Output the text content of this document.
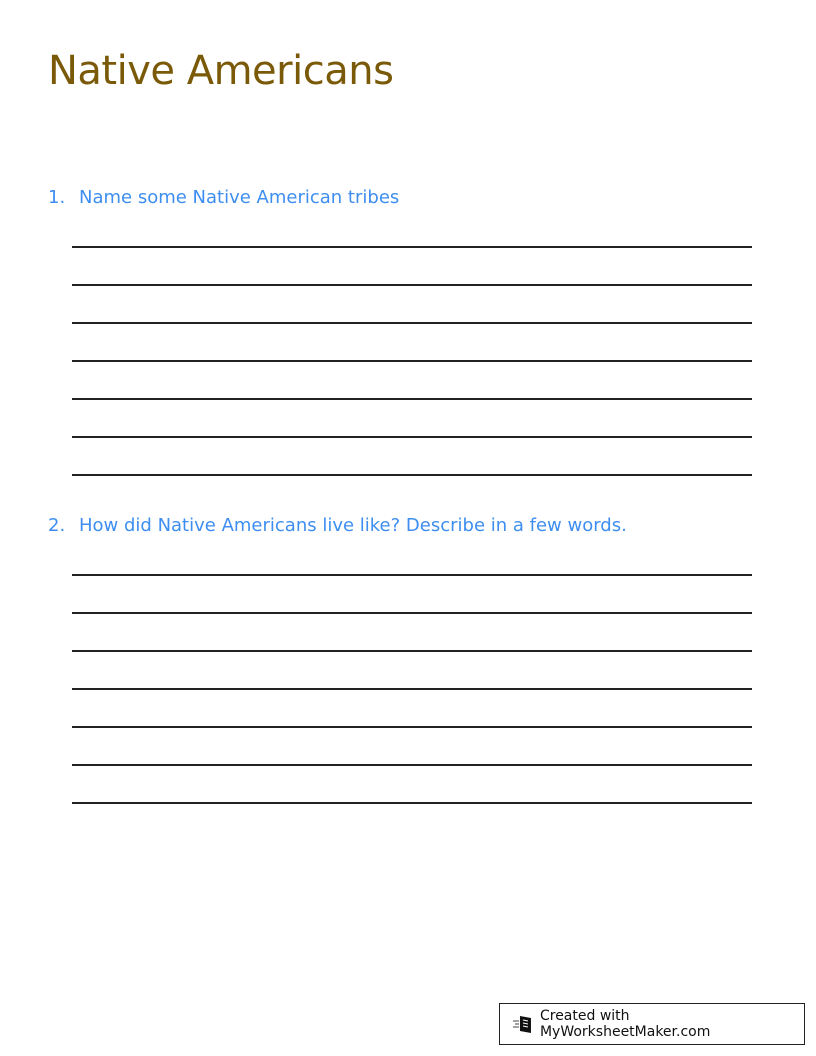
Native Americans
1. Name some Native American tribes
2. How did Native Americans live like? Describe in a few words.
Created with MyWorksheetMaker.com
